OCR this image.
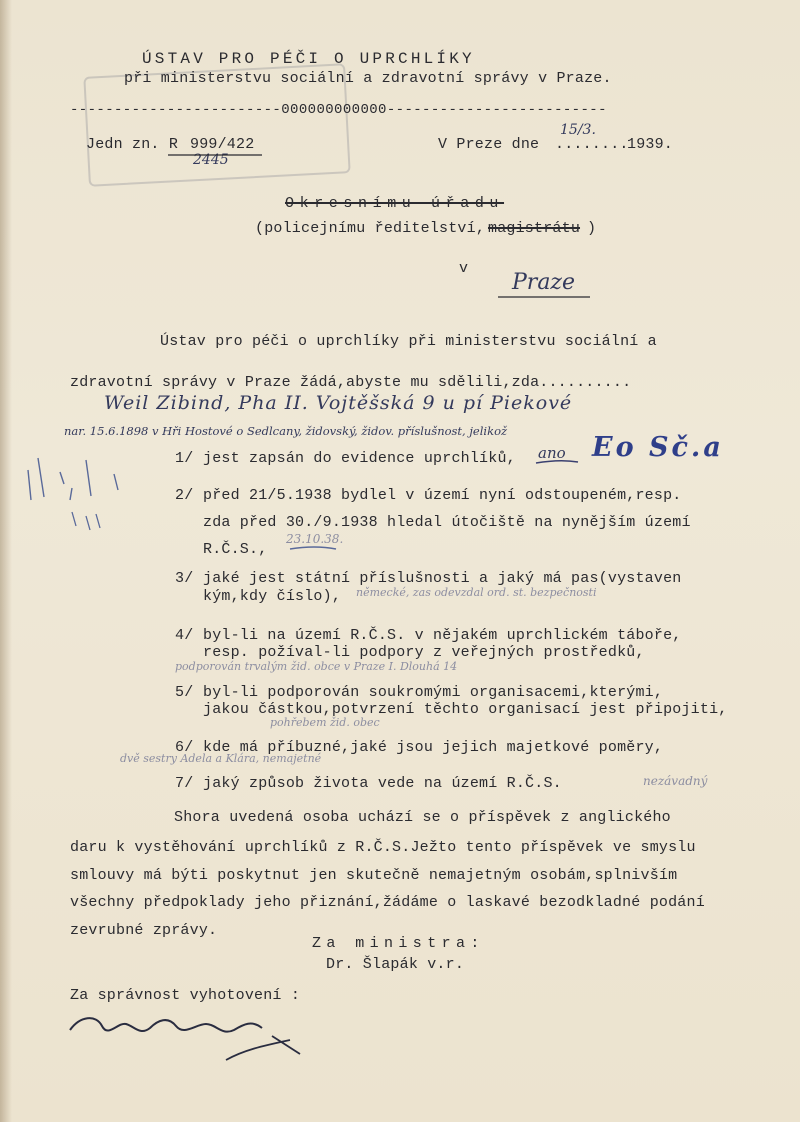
ÚSTAV PRO PÉČI O UPRCHLÍKY
při ministerstvu sociální a zdravotní správy v Praze.
------------------------000000000000-------------------------
Jedn zn. R 999/422
2445
V Preze dne
15/3.
........
1939.
Okresnímu úřadu
(policejnímu ředitelství, magistrátu )
v
Praze
Ústav pro péči o uprchlíky při ministerstvu sociální a
zdravotní správy v Praze žádá,abyste mu sdělili,zda..........
Weil Zibind, Pha II. Vojtěšská 9 u pí Piekové
nar. 15.6.1898 v Hři Hostové o Sedlcany, židovský, židov. příslušnost, jelikož
1/ jest zapsán do evidence uprchlíků, ano
2/ před 21/5.1938 bydlel v území nyní odstoupeném,resp.
zda před 30./9.1938 hledal útočiště na nynějším území
R.Č.S.,
23.10.38.
3/ jaké jest státní příslušnosti a jaký má pas(vystaven
kým,kdy číslo), německé, zas odevzdal ord. st. bezpečnosti
4/ byl-li na území R.Č.S. v nějakém uprchlickém táboře,
resp. požíval-li podpory z veřejných prostředků,
podporován trvalým žid. obce v Praze I. Dlouhá 14
5/ byl-li podporován soukromými organisacemi,kterými,
jakou částkou,potvrzení těchto organisací jest připojiti,
pohřebem žid. obec
6/ kde má příbuzné,jaké jsou jejich majetkové poměry,
dvě sestry Adela a Klára, nemajetné
7/ jaký způsob života vede na území R.Č.S.	nezávadný
Shora uvedená osoba uchází se o příspěvek z anglického
daru k vystěhování uprchlíků z R.Č.S.Ježto tento příspěvek ve smyslu
smlouvy má býti poskytnut jen skutečně nemajetným osobám,splnivším
všechny předpoklady jeho přiznání,žádáme o laskavé bezodkladné podání
zevrubné zprávy.
Za ministra:
Dr. Šlapák v.r.
Za správnost vyhotovení :
Eo Sč.a
